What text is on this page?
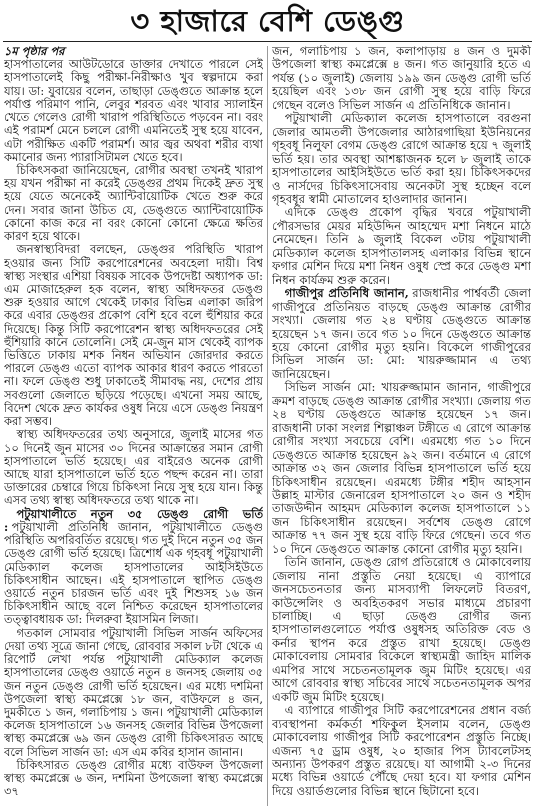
৩ হাজারে বেশি ডেঙ্গু
১ম পৃষ্ঠার পর

হাসপাতালের আউটডোরে ডাক্তার দেখাতে পারলে সেই হাসপাতালেই কিছু পরীক্ষা-নিরীক্ষাও খুব স্বল্পদামে করা যায়। ডা: যুবায়ের বলেন, তাছাড়া ডেঙ্গুতে আক্রান্ত হলে পর্যাপ্ত পরিমাণ পানি, লেবুর শরবত এবং খাবার স্যালাইন খেতে গেলেও রোগী খারাপ পরিস্থিতিতে পড়বেন না। বরং এই পরামর্শ মেনে চললে রোগী এমনিতেই সুস্থ হয়ে যাবেন, এটা পরীক্ষিত একটি পরামর্শ। আর জ্বর অথবা শরীর ব্যথা কমানোর জন্য প্যারাসিটামল খেতে হবে।

চিকিৎসকরা জানিয়েছেন, রোগীর অবস্থা তখনই খারাপ হয় যখন পরীক্ষা না করেই ডেঙ্গুর প্রথম দিকেই দ্রুত সুস্থ হয়ে যেতে অনেকেই অ্যান্টিবায়োটিক খেতে শুরু করে দেন। সবার জানা উচিত যে, ডেঙ্গুতে অ্যান্টিবায়োটিক কোনো কাজ করে না বরং কোনো কোনো ক্ষেত্রে ক্ষতির কারণ হয়ে থাকে।

জনস্বাস্থ্যবিদরা বলছেন, ডেঙ্গুর পরিস্থিতি খারাপ হওয়ার জন্য সিটি করপোরেশনের অবহেলা দায়ী। বিশ্ব স্বাস্থ্য সংস্থার এশিয়া বিষয়ক সাবেক উপদেষ্টা অধ্যাপক ডা: এম মোজাহেরুল হক বলেন, স্বাস্থ্য অধিদফতর ডেঙ্গু শুরু হওয়ার আগে থেকেই ঢাকার বিভিন্ন এলাকা জরিপ করে এবার ডেঙ্গুর প্রকোপ বেশি হবে বলে হুঁশিয়ার করে দিয়েছে। কিন্তু সিটি করপোরেশন স্বাস্থ্য অধিদফতরের সেই হুঁশিয়ারি কানে তোলেনি। সেই মে-জুন মাস থেকেই ব্যাপক ভিত্তিতে ঢাকায় মশক নিধন অভিযান জোরদার করতে পারলে ডেঙ্গু এতো ব্যাপক আকার ধারণ করতে পারতো না। ফলে ডেঙ্গু শুধু ঢাকাতেই সীমাবদ্ধ নয়, দেশের প্রায় সবগুলো জেলাতে ছড়িয়ে পড়েছে। এখনো সময় আছে, বিদেশ থেকে দ্রুত কার্যকর ওষুধ নিয়ে এসে ডেঙ্গু নিয়ন্ত্রণ করা সম্ভব।

স্বাস্থ্য অধিদফতরের তথ্য অনুসারে, জুলাই মাসের গত ১০ দিনেই জুন মাসের ৩০ দিনের আক্রান্তের সমান রোগী হাসপাতালে ভর্তি হয়েছে। এর বাইরেও অনেক রোগী আছে যারা হাসপাতালে ভর্তি হতে পছন্দ করেন না। তারা ডাক্তারের চেম্বারে গিয়ে চিকিৎসা নিয়ে সুস্থ হয়ে যান। কিন্তু এসব তথ্য স্বাস্থ্য অধিদফতরে তথ্য থাকে না।

পটুয়াখালীতে নতুন ৩৫ ডেঙ্গু রোগী ভর্তি : পটুয়াখালী প্রতিনিধি জানান, পটুয়াখালীতে ডেঙ্গু পরিস্থিতি অপরিবর্তিত রয়েছে। গত দুই দিনে নতুন ৩৫ জন ডেঙ্গু রোগী ভর্তি হয়েছে। ত্রিশোর্ধ এক গৃহবধূ পটুয়াখালী মেডিক্যাল কলেজ হাসপাতালের আইসিইউতে চিকিৎসাধীন আছেন। এই হাসপাতালে স্থাপিত ডেঙ্গু ওয়ার্ডে নতুন চারজন ভর্তি এবং দুই শিশুসহ ১৬ জন চিকিৎসাধীন আছে বলে নিশ্চিত করেছেন হাসপাতালের তত্ত্বাবধায়ক ডা: দিলরুবা ইয়াসমিন লিজা।

গতকাল সোমবার পটুয়াখালী সিভিল সার্জন অফিসের দেয়া তথ্য সূত্রে জানা গেছে, রোববার সকাল ৮টা থেকে এ রিপোর্ট লেখা পর্যন্ত পটুয়াখালী মেডিক্যাল কলেজ হাসপাতালের ডেঙ্গু ওয়ার্ডে নতুন ৪ জনসহ জেলায় ৩৫ জন নতুন ডেঙ্গু রোগী ভর্তি হয়েছেন। এর মধ্যে দশমিনা উপজেলা স্বাস্থ্য কমপ্লেক্সে ১৮ জন, বাউফলে ৪ জন, দুমকীতে ১ জন, গলাচিপায় ১ জন। পটুয়াখালী মেডিক্যাল কলেজ হাসপাতালে ১৬ জনসহ জেলার বিভিন্ন উপজেলা স্বাস্থ্য কমপ্লেক্সে ৬৯ জন ডেঙ্গু রোগী চিকিৎসারত আছে বলে সিভিল সার্জন ডা: এস এম কবির হাসান জানান।

চিকিৎসারত ডেঙ্গু রোগীর মধ্যে বাউফল উপজেলা স্বাস্থ্য কমপ্লেক্সে ৬ জন, দশমিনা উপজেলা স্বাস্থ্য কমপ্লেক্সে ৩৭

জন, গলাচিপায় ১ জন, কলাপাড়ায় ৪ জন ও দুমকী উপজেলা স্বাস্থ্য কমপ্লেক্সে ৪ জন। গত জানুয়ারি হতে এ পর্যন্ত (১০ জুলাই) জেলায় ১৯৯ জন ডেঙ্গু রোগী ভর্তি হয়েছিল এবং ১৩৮ জন রোগী সুস্থ হয়ে বাড়ি ফিরে গেছেন বলেও সিভিল সার্জন এ প্রতিনিধিকে জানান।

পটুয়াখালী মেডিক্যাল কলেজ হাসপাতালে বরগুনা জেলার আমতলী উপজেলার আঠারগাছিয়া ইউনিয়নের গৃহবধূ নিলুফা বেগম ডেঙ্গু রোগে আক্রান্ত হয়ে ৭ জুলাই ভর্তি হয়। তার অবস্থা আশঙ্কাজনক হলে ৮ জুলাই তাকে হাসপাতালের আইসিইউতে ভর্তি করা হয়। চিকিৎসকদের ও নার্সদের চিকিৎসাসেবায় অনেকটা সুস্থ হচ্ছেন বলে গৃহবধূর স্বামী মোতালেব হাওলাদার জানান।

এদিকে ডেঙ্গু প্রকোপ বৃদ্ধির খবরে পটুয়াখালী পৌরসভার মেয়র মহিউদ্দিন আহম্মেদ মশা নিধনে মাঠে নেমেছেন। তিনি ৯ জুলাই বিকেল ৩টায় পটুয়াখালী মেডিক্যাল কলেজ হাসপাতালসহ এলাকার বিভিন্ন স্থানে ফগার মেশিন দিয়ে মশা নিধন ওষুধ স্প্রে করে ডেঙ্গু মশা নিধন কার্যক্রম শুরু করেন।

গাজীপুর প্রতিনিধি জানান, রাজধানীর পার্শ্ববর্তী জেলা গাজীপুরে প্রতিনিয়ত বাড়ছে ডেঙ্গু আক্রান্ত রোগীর সংখ্যা। জেলায় গত ২৪ ঘণ্টায় ডেঙ্গুতে আক্রান্ত হয়েছেন ১৭ জন। তবে গত ১০ দিনে ডেঙ্গুতে আক্রান্ত হয়ে কোনো রোগীর মৃত্যু হয়নি। বিকেলে গাজীপুরের সিভিল সার্জন ডা: মো: খায়রুজ্জামান এ তথ্য জানিয়েছেন।

সিভিল সার্জন মো: খায়রুজ্জামান জানান, গাজীপুরে ক্রমশ বাড়ছে ডেঙ্গু আক্রান্ত রোগীর সংখ্যা। জেলায় গত ২৪ ঘণ্টায় ডেঙ্গুতে আক্রান্ত হয়েছেন ১৭ জন। রাজধানী ঢাকা সংলগ্ন শিল্পাঞ্চল টঙ্গীতে এ রোগে আক্রান্ত রোগীর সংখ্যা সবচেয়ে বেশি। এরমধ্যে গত ১০ দিনে ডেঙ্গুতে আক্রান্ত হয়েছেন ৯২ জন। বর্তমানে এ রোগে আক্রান্ত ৩২ জন জেলার বিভিন্ন হাসপাতালে ভর্তি হয়ে চিকিৎসাধীন রয়েছেন। এরমধ্যে টঙ্গীর শহীদ আহসান উল্লাহ মাস্টার জেনারেল হাসপাতালে ২০ জন ও শহীদ তাজউদ্দীন আহমদ মেডিক্যাল কলেজ হাসপাতালে ১১ জন চিকিৎসাধীন রয়েছেন। সর্বশেষ ডেঙ্গু রোগে আক্রান্ত ৭৭ জন সুস্থ হয়ে বাড়ি ফিরে গেছেন। তবে গত ১০ দিনে ডেঙ্গুতে আক্রান্ত কোনো রোগীর মৃত্যু হয়নি।

তিনি জানান, ডেঙ্গু রোগ প্রতিরোধে ও মোকাবেলায় জেলায় নানা প্রস্তুতি নেয়া হয়েছে। এ ব্যাপারে জনসচেতনতার জন্য মাসব্যাপী লিফলেট বিতরণ, কাউন্সেলিং ও অবহিতকরণ সভার মাধ্যমে প্রচারণা চালাচ্ছি। এ ছাড়া ডেঙ্গু রোগীর জন্য হাসপাতালগুলোতে পর্যাপ্ত ওষুধসহ অতিরিক্ত বেড ও কর্নার স্থাপন করে প্রস্তুত রাখা হয়েছে। ডেঙ্গু মোকাবেলায় সোমবার বিকেলে স্বাস্থ্যমন্ত্রী জাহিদ মালিক এমপির সাথে সচেতনতামূলক জুম মিটিং হয়েছে। এর আগে রোববার স্বাস্থ্য সচিবের সাথে সচেতনতামূলক অপর একটি জুম মিটিং হয়েছে।

এ ব্যাপারে গাজীপুর সিটি করপোরেশনের প্রধান বর্জ্য ব্যবস্থাপনা কর্মকর্তা শফিকুল ইসলাম বলেন, ডেঙ্গু মোকাবেলায় গাজীপুর সিটি করপোরেশন প্রস্তুতি নিচ্ছে। এজন্য ৭৫ ড্রাম ওষুধ, ২০ হাজার পিস ট্যাবলেটসহ অন্যান্য উপকরণ প্রস্তুত রয়েছে। যা আগামী ২-৩ দিনের মধ্যে বিভিন্ন ওয়ার্ডে পৌঁছে দেয়া হবে। যা ফগার মেশিন দিয়ে ওয়ার্ডগুলোর বিভিন্ন স্থানে ছিটানো হবে।
